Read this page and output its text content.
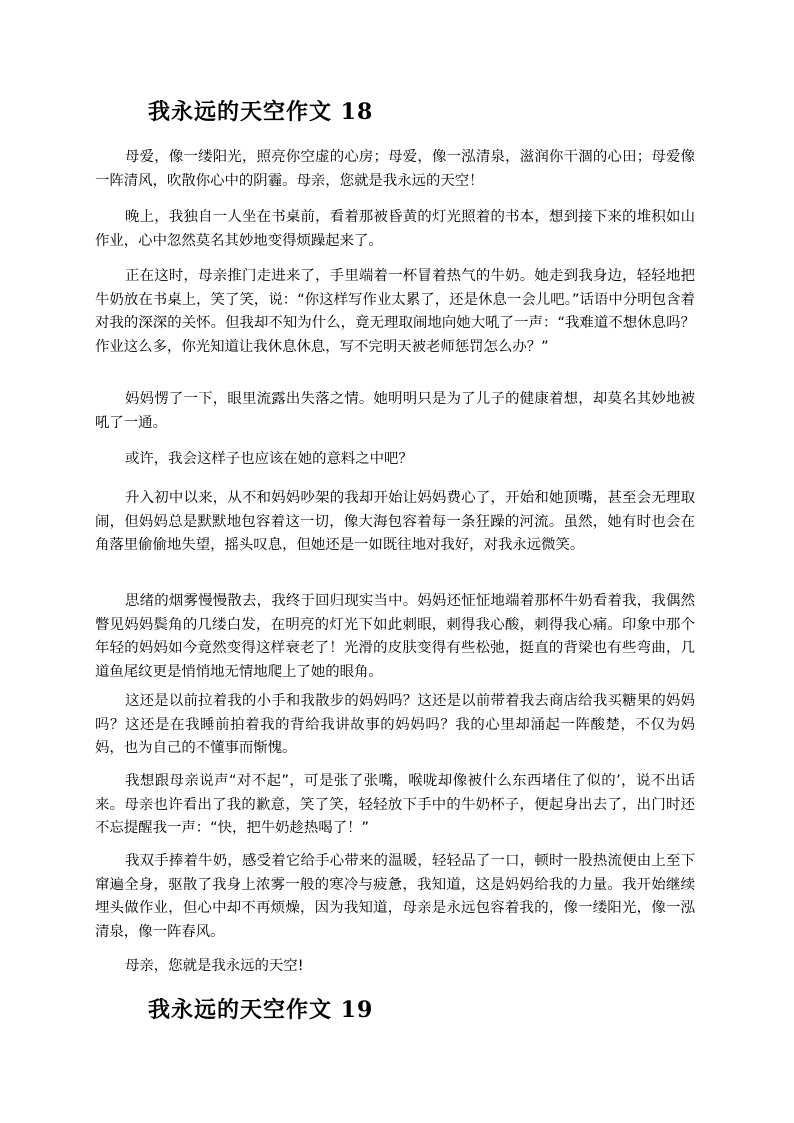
我永远的天空作文 18

母爱，像一缕阳光，照亮你空虚的心房；母爱，像一泓清泉，滋润你干涸的心田；母爱像一阵清风，吹散你心中的阴霾。母亲，您就是我永远的天空！

晚上，我独自一人坐在书桌前，看着那被昏黄的灯光照着的书本，想到接下来的堆积如山作业，心中忽然莫名其妙地变得烦躁起来了。

正在这时，母亲推门走进来了，手里端着一杯冒着热气的牛奶。她走到我身边，轻轻地把牛奶放在书桌上，笑了笑，说：“你这样写作业太累了，还是休息一会儿吧。”话语中分明包含着对我的深深的关怀。但我却不知为什么，竟无理取闹地向她大吼了一声：“我难道不想休息吗？作业这么多，你光知道让我休息休息，写不完明天被老师惩罚怎么办？”

妈妈愣了一下，眼里流露出失落之情。她明明只是为了儿子的健康着想，却莫名其妙地被吼了一通。

或许，我会这样子也应该在她的意料之中吧？

升入初中以来，从不和妈妈吵架的我却开始让妈妈费心了，开始和她顶嘴，甚至会无理取闹，但妈妈总是默默地包容着这一切，像大海包容着每一条狂躁的河流。虽然，她有时也会在角落里偷偷地失望，摇头叹息，但她还是一如既往地对我好，对我永远微笑。

思绪的烟雾慢慢散去，我终于回归现实当中。妈妈还怔怔地端着那杯牛奶看着我，我偶然瞥见妈妈鬓角的几缕白发，在明亮的灯光下如此刺眼，刺得我心酸，刺得我心痛。印象中那个年轻的妈妈如今竟然变得这样衰老了！光滑的皮肤变得有些松弛，挺直的背梁也有些弯曲，几道鱼尾纹更是悄悄地无情地爬上了她的眼角。

这还是以前拉着我的小手和我散步的妈妈吗？这还是以前带着我去商店给我买糖果的妈妈吗？这还是在我睡前拍着我的背给我讲故事的妈妈吗？我的心里却涌起一阵酸楚，不仅为妈妈，也为自己的不懂事而惭愧。

我想跟母亲说声“对不起”，可是张了张嘴，喉咙却像被什么东西堵住了似的’，说不出话来。母亲也许看出了我的歉意，笑了笑，轻轻放下手中的牛奶杯子，便起身出去了，出门时还不忘提醒我一声：“快，把牛奶趁热喝了！”

我双手捧着牛奶，感受着它给手心带来的温暖，轻轻品了一口，顿时一股热流便由上至下窜遍全身，驱散了我身上浓雾一般的寒冷与疲惫，我知道，这是妈妈给我的力量。我开始继续埋头做作业，但心中却不再烦燥，因为我知道，母亲是永远包容着我的，像一缕阳光，像一泓清泉，像一阵春风。

母亲，您就是我永远的天空!

我永远的天空作文 19
